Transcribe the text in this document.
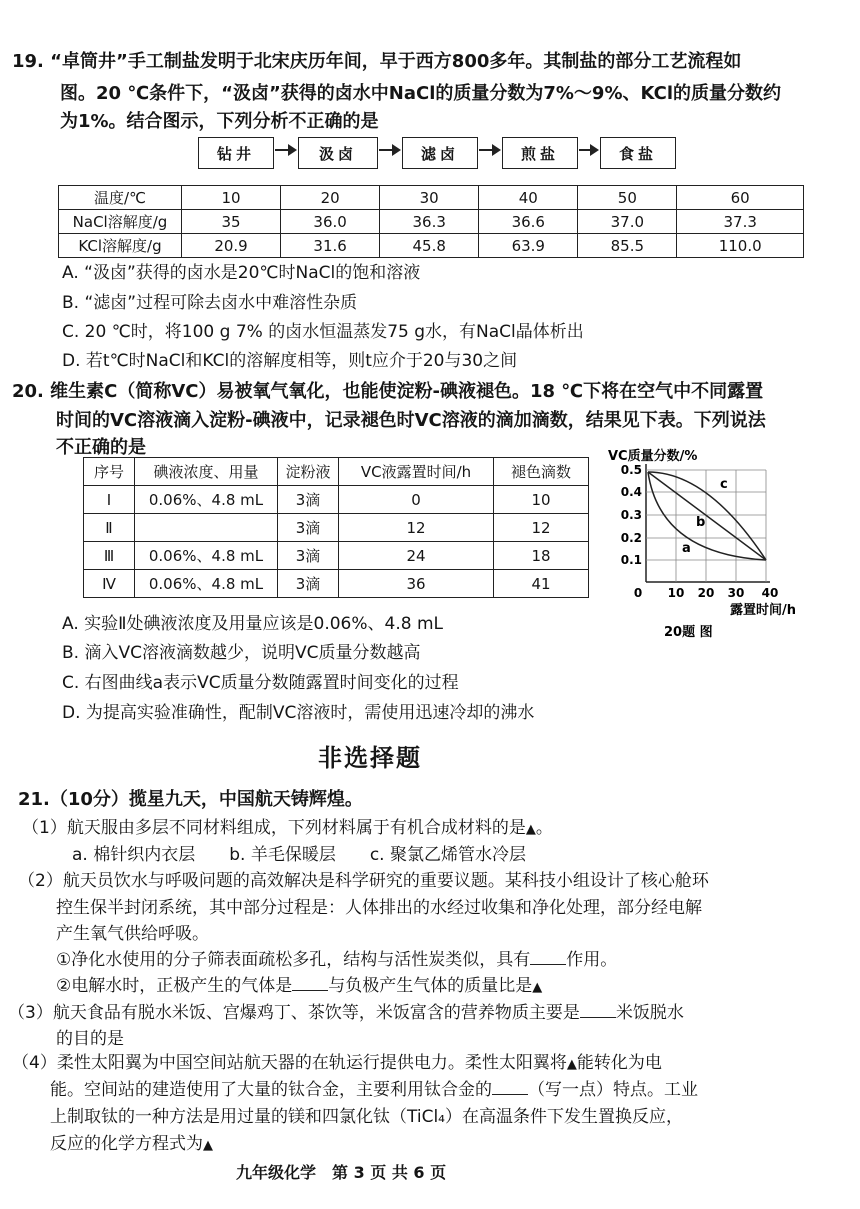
19. “卓筒井”手工制盐发明于北宋庆历年间，早于西方800多年。其制盐的部分工艺流程如
图。20 ℃条件下，“汲卤”获得的卤水中NaCl的质量分数为7%～9%、KCl的质量分数约
为1%。结合图示，下列分析不正确的是
钻井	汲卤	滤卤	煎盐	食盐
温度/℃	10	20	30	40	50	60
NaCl溶解度/g	35	36.0	36.3	36.6	37.0	37.3
KCl溶解度/g	20.9	31.6	45.8	63.9	85.5	110.0
A. “汲卤”获得的卤水是20℃时NaCl的饱和溶液
B. “滤卤”过程可除去卤水中难溶性杂质
C. 20 ℃时，将100 g 7% 的卤水恒温蒸发75 g水，有NaCl晶体析出
D. 若t℃时NaCl和KCl的溶解度相等，则t应介于20与30之间
20. 维生素C（简称VC）易被氧气氧化，也能使淀粉-碘液褪色。18 ℃下将在空气中不同露置
时间的VC溶液滴入淀粉-碘液中，记录褪色时VC溶液的滴加滴数，结果见下表。下列说法
不正确的是
序号	碘液浓度、用量	淀粉液	VC液露置时间/h	褪色滴数
Ⅰ	0.06%、4.8 mL	3滴	0	10
Ⅱ		3滴	12	12
Ⅲ	0.06%、4.8 mL	3滴	24	18
Ⅳ	0.06%、4.8 mL	3滴	36	41
VC质量分数/%
0.5
0.4
0.3
0.2
0.1
0 10 20 30 40
a
b
c
露置时间/h
20题 图
A. 实验Ⅱ处碘液浓度及用量应该是0.06%、4.8 mL
B. 滴入VC溶液滴数越少，说明VC质量分数越高
C. 右图曲线a表示VC质量分数随露置时间变化的过程
D. 为提高实验准确性，配制VC溶液时，需使用迅速冷却的沸水
非选择题
21.（10分）揽星九天，中国航天铸辉煌。
（1）航天服由多层不同材料组成，下列材料属于有机合成材料的是▲。
a. 棉针织内衣层　　b. 羊毛保暖层　　c. 聚氯乙烯管水冷层
（2）航天员饮水与呼吸问题的高效解决是科学研究的重要议题。某科技小组设计了核心舱环
控生保半封闭系统，其中部分过程是：人体排出的水经过收集和净化处理，部分经电解
产生氧气供给呼吸。
①净化水使用的分子筛表面疏松多孔，结构与活性炭类似，具有 作用。
②电解水时，正极产生的气体是 与负极产生气体的质量比是▲
（3）航天食品有脱水米饭、宫爆鸡丁、茶饮等，米饭富含的营养物质主要是 米饭脱水
的目的是
（4）柔性太阳翼为中国空间站航天器的在轨运行提供电力。柔性太阳翼将▲能转化为电
能。空间站的建造使用了大量的钛合金，主要利用钛合金的 （写一点）特点。工业
上制取钛的一种方法是用过量的镁和四氯化钛（TiCl₄）在高温条件下发生置换反应，
反应的化学方程式为▲
九年级化学　第 3 页 共 6 页
